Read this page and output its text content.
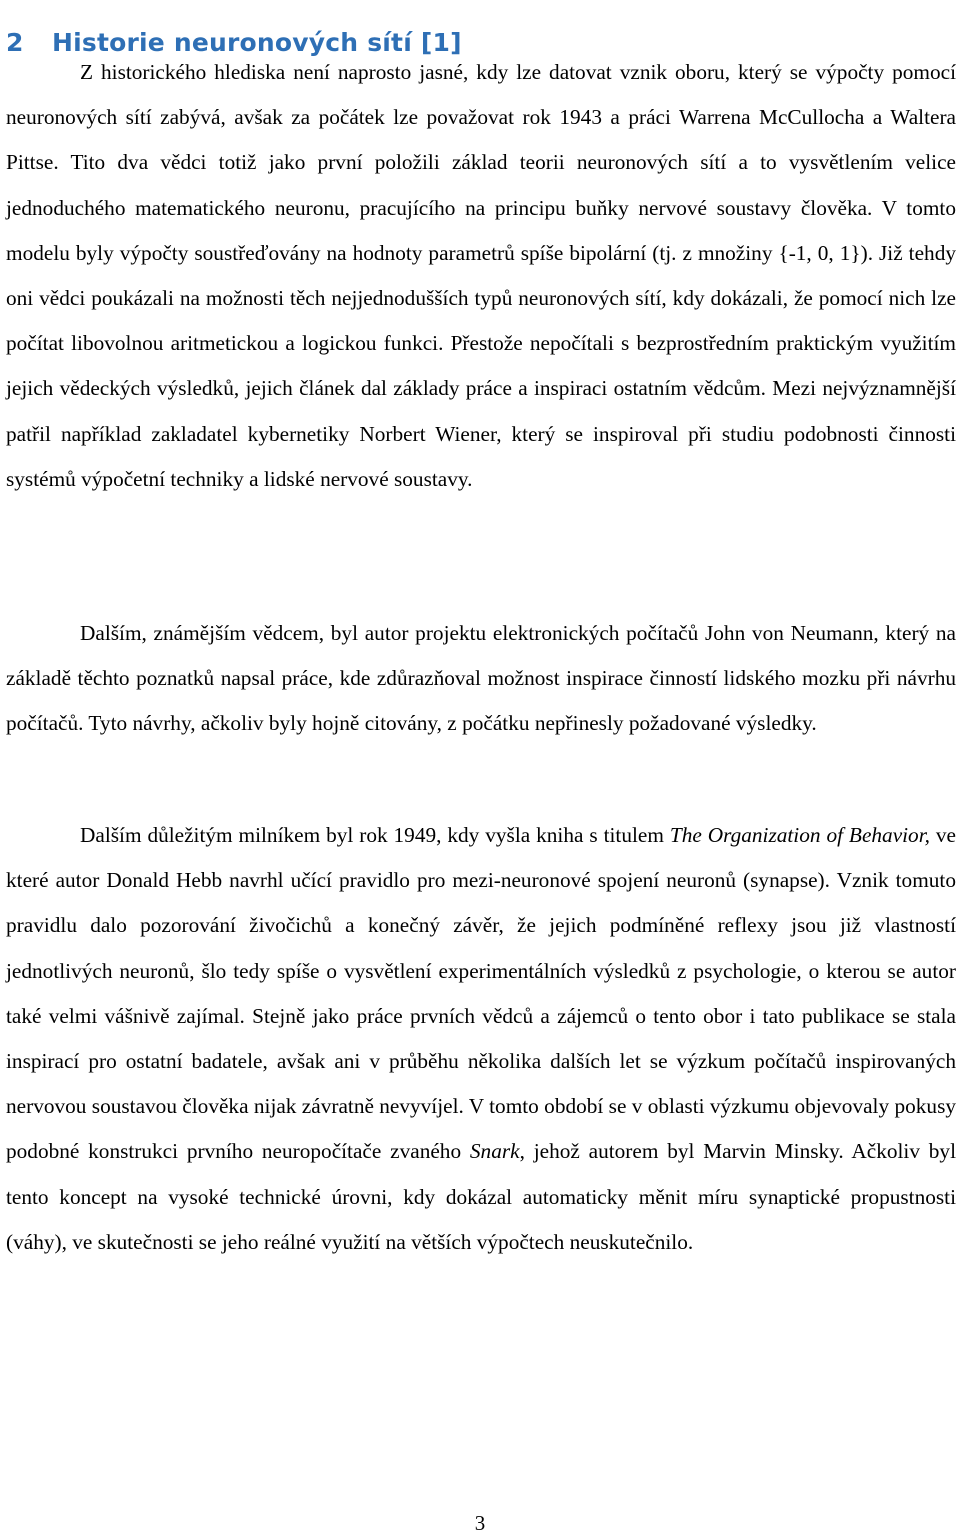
2 Historie neuronových sítí [1]

Z historického hlediska není naprosto jasné, kdy lze datovat vznik oboru, který se výpočty pomocí neuronových sítí zabývá, avšak za počátek lze považovat rok 1943 a práci Warrena McCullocha a Waltera Pittse. Tito dva vědci totiž jako první položili základ teorii neuronových sítí a to vysvětlením velice jednoduchého matematického neuronu, pracujícího na principu buňky nervové soustavy člověka. V tomto modelu byly výpočty soustřeďovány na hodnoty parametrů spíše bipolární (tj. z množiny {-1, 0, 1}). Již tehdy oni vědci poukázali na možnosti těch nejjednodušších typů neuronových sítí, kdy dokázali, že pomocí nich lze počítat libovolnou aritmetickou a logickou funkci. Přestože nepočítali s bezprostředním praktickým využitím jejich vědeckých výsledků, jejich článek dal základy práce a inspiraci ostatním vědcům. Mezi nejvýznamnější patřil například zakladatel kybernetiky Norbert Wiener, který se inspiroval při studiu podobnosti činnosti systémů výpočetní techniky a lidské nervové soustavy.

Dalším, známějším vědcem, byl autor projektu elektronických počítačů John von Neumann, který na základě těchto poznatků napsal práce, kde zdůrazňoval možnost inspirace činností lidského mozku při návrhu počítačů. Tyto návrhy, ačkoliv byly hojně citovány, z počátku nepřinesly požadované výsledky.

Dalším důležitým milníkem byl rok 1949, kdy vyšla kniha s titulem The Organization of Behavior, ve které autor Donald Hebb navrhl učící pravidlo pro mezi-neuronové spojení neuronů (synapse). Vznik tomuto pravidlu dalo pozorování živočichů a konečný závěr, že jejich podmíněné reflexy jsou již vlastností jednotlivých neuronů, šlo tedy spíše o vysvětlení experimentálních výsledků z psychologie, o kterou se autor také velmi vášnivě zajímal. Stejně jako práce prvních vědců a zájemců o tento obor i tato publikace se stala inspirací pro ostatní badatele, avšak ani v průběhu několika dalších let se výzkum počítačů inspirovaných nervovou soustavou člověka nijak závratně nevyvíjel. V tomto období se v oblasti výzkumu objevovaly pokusy podobné konstrukci prvního neuropočítače zvaného Snark, jehož autorem byl Marvin Minsky. Ačkoliv byl tento koncept na vysoké technické úrovni, kdy dokázal automaticky měnit míru synaptické propustnosti (váhy), ve skutečnosti se jeho reálné využití na větších výpočtech neuskutečnilo.

3
